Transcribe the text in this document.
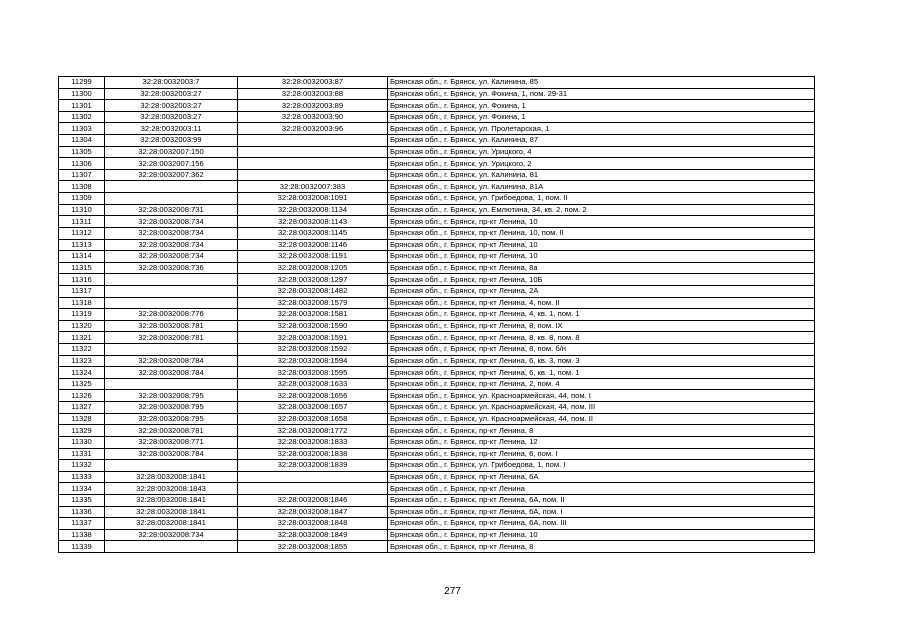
11299	32:28:0032003:7	32:28:0032003:87	Брянская обл., г. Брянск, ул. Калинина, 85
11300	32:28:0032003:27	32:28:0032003:88	Брянская обл., г. Брянск, ул. Фокина, 1, пом. 29-31
11301	32:28:0032003:27	32:28:0032003:89	Брянская обл., г. Брянск, ул. Фокина, 1
11302	32:28:0032003:27	32:28:0032003:90	Брянская обл., г. Брянск, ул. Фокина, 1
11303	32:28:0032003:11	32:28:0032003:96	Брянская обл., г. Брянск, ул. Пролетарская, 1
11304	32:28:0032003:99		Брянская обл., г. Брянск, ул. Калинина, 87
11305	32:28:0032007:150		Брянская обл., г. Брянск, ул. Урицкого, 4
11306	32:28:0032007:156		Брянская обл., г. Брянск, ул. Урицкого, 2
11307	32:28:0032007:362		Брянская обл., г. Брянск, ул. Калинина, 81
11308		32:28:0032007:383	Брянская обл., г. Брянск, ул. Калинина, 81А
11309		32:28:0032008:1091	Брянская обл., г. Брянск, ул. Грибоедова, 1, пом. II
11310	32:28:0032008:731	32:28:0032008:1134	Брянская обл., г. Брянск, ул. Емлютина, 34, кв. 2, пом. 2
11311	32:28:0032008:734	32:28:0032008:1143	Брянская обл., г. Брянск, пр-кт Ленина, 10
11312	32:28:0032008:734	32:28:0032008:1145	Брянская обл., г. Брянск, пр-кт Ленина, 10, пом. II
11313	32:28:0032008:734	32:28:0032008:1146	Брянская обл., г. Брянск, пр-кт Ленина, 10
11314	32:28:0032008:734	32:28:0032008:1191	Брянская обл., г. Брянск, пр-кт Ленина, 10
11315	32:28:0032008:736	32:28:0032008:1205	Брянская обл., г. Брянск, пр-кт Ленина, 8а
11316		32:28:0032008:1297	Брянская обл., г. Брянск, пр-кт Ленина, 10Б
11317		32:28:0032008:1482	Брянская обл., г. Брянск, пр-кт Ленина, 2А
11318		32:28:0032008:1579	Брянская обл., г. Брянск, пр-кт Ленина, 4, пом. II
11319	32:28:0032008:776	32:28:0032008:1581	Брянская обл., г. Брянск, пр-кт Ленина, 4, кв. 1, пом. 1
11320	32:28:0032008:781	32:28:0032008:1590	Брянская обл., г. Брянск, пр-кт Ленина, 8, пом. IX
11321	32:28:0032008:781	32:28:0032008:1591	Брянская обл., г. Брянск, пр-кт Ленина, 8, кв. 8, пом. 8
11322		32:28:0032008:1592	Брянская обл., г. Брянск, пр-кт Ленина, 8, пом. б/н
11323	32:28:0032008:784	32:28:0032008:1594	Брянская обл., г. Брянск, пр-кт Ленина, 6, кв. 3, пом. 3
11324	32:28:0032008:784	32:28:0032008:1595	Брянская обл., г. Брянск, пр-кт Ленина, 6, кв. 1, пом. 1
11325		32:28:0032008:1633	Брянская обл., г. Брянск, пр-кт Ленина, 2, пом. 4
11326	32:28:0032008:795	32:28:0032008:1656	Брянская обл., г. Брянск, ул. Красноармейская, 44, пом. I
11327	32:28:0032008:795	32:28:0032008:1657	Брянская обл., г. Брянск, ул. Красноармейская, 44, пом. III
11328	32:28:0032008:795	32:28:0032008:1658	Брянская обл., г. Брянск, ул. Красноармейская, 44, пом. II
11329	32:28:0032008:781	32:28:0032008:1772	Брянская обл., г. Брянск, пр-кт Ленина, 8
11330	32:28:0032008:771	32:28:0032008:1833	Брянская обл., г. Брянск, пр-кт Ленина, 12
11331	32:28:0032008:784	32:28:0032008:1838	Брянская обл., г. Брянск, пр-кт Ленина, 6, пом. I
11332		32:28:0032008:1839	Брянская обл., г. Брянск, ул. Грибоедова, 1, пом. I
11333	32:28:0032008:1841		Брянская обл., г. Брянск, пр-кт Ленина, 6А
11334	32:28:0032008:1843		Брянская обл., г. Брянск, пр-кт Ленина
11335	32:28:0032008:1841	32:28:0032008:1846	Брянская обл., г. Брянск, пр-кт Ленина, 6А, пом. II
11336	32:28:0032008:1841	32:28:0032008:1847	Брянская обл., г. Брянск, пр-кт Ленина, 6А, пом. I
11337	32:28:0032008:1841	32:28:0032008:1848	Брянская обл., г. Брянск, пр-кт Ленина, 6А, пом. III
11338	32:28:0032008:734	32:28:0032008:1849	Брянская обл., г. Брянск, пр-кт Ленина, 10
11339		32:28:0032008:1855	Брянская обл., г. Брянск, пр-кт Ленина, 8
277
